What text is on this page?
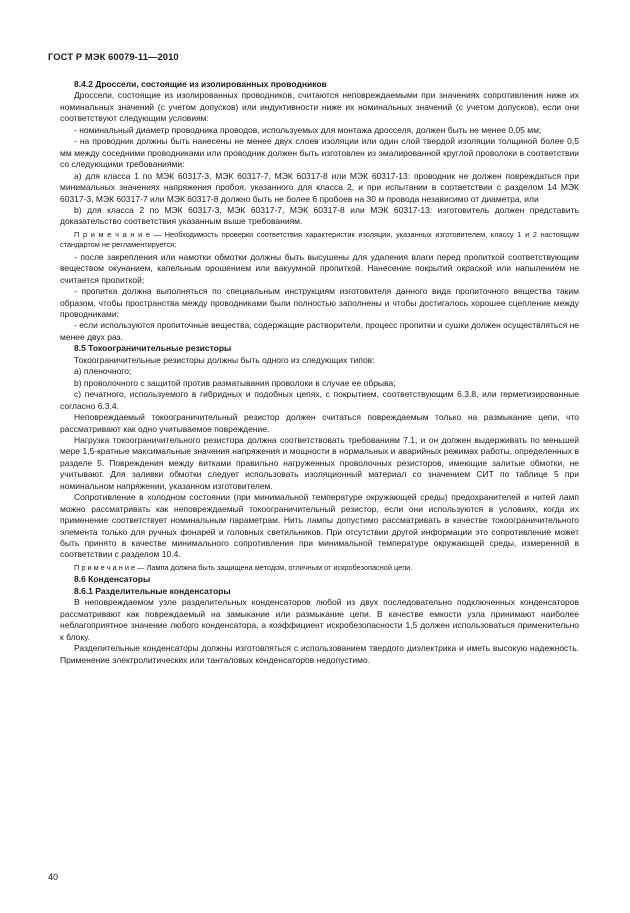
ГОСТ Р МЭК 60079-11—2010

8.4.2 Дроссели, состоящие из изолированных проводников

Дроссели, состоящие из изолированных проводников, считаются неповреждаемыми при значениях сопротивления ниже их номинальных значений (с учетом допусков) или индуктивности ниже их номинальных значений (с учетом допусков), если они соответствуют следующим условиям:

- номинальный диаметр проводника проводов, используемых для монтажа дросселя, должен быть не менее 0,05 мм;

- на проводник должны быть нанесены не менее двух слоев изоляции или один слой твердой изоляции толщиной более 0,5 мм между соседними проводниками или проводник должен быть изготовлен из эмалированной круглой проволоки в соответствии со следующими требованиями:

a) для класса 1 по МЭК 60317-3, МЭК 60317-7, МЭК 60317-8 или МЭК 60317-13: проводник не должен повреждаться при минимальных значениях напряжения пробоя, указанного для класса 2, и при испытании в соответствии с разделом 14 МЭК 60317-3, МЭК 60317-7 или МЭК 60317-8 должно быть не более 6 пробоев на 30 м провода независимо от диаметра, или

b) для класса 2 по МЭК 60317-3, МЭК 60317-7, МЭК 60317-8 или МЭК 60317-13: изготовитель должен представить доказательство соответствия указанным выше требованиям.

П р и м е ч а н и е — Необходимость проверки соответствия характеристик изоляции, указанных изготовителем, классу 1 и 2 настоящим стандартом не регламентируется;

- после закрепления или намотки обмотки должны быть высушены для удаления влаги перед пропиткой соответствующим веществом окунанием, капельным орошением или вакуумной пропиткой. Нанесение покрытий окраской или напылением не считается пропиткой;

- пропитка должна выполняться по специальным инструкциям изготовителя данного вида пропиточного вещества таким образом, чтобы пространства между проводниками были полностью заполнены и чтобы достигалось хорошее сцепление между проводниками;

- если используются пропиточные вещества, содержащие растворители, процесс пропитки и сушки должен осуществляться не менее двух раз.

8.5 Токоограничительные резисторы

Токоограничительные резисторы должны быть одного из следующих типов:

a) пленочного;

b) проволочного с защитой против разматывания проволоки в случае ее обрыва;

c) печатного, используемого в гибридных и подобных цепях, с покрытием, соответствующим 6.3.8, или герметизированные согласно 6.3.4.

Неповреждаемый токоограничительный резистор должен считаться повреждаемым только на размыкание цепи, что рассматривают как одно учитываемое повреждение.

Нагрузка токоограничительного резистора должна соответствовать требованиям 7.1, и он должен выдерживать по меньшей мере 1,5-кратные максимальные значения напряжения и мощности в нормальных и аварийных режимах работы, определенных в разделе 5. Повреждения между витками правильно нагруженных проволочных резисторов, имеющие залитые обмотки, не учитывают. Для заливки обмотки следует использовать изоляционный материал со значением СИТ по таблице 5 при номинальном напряжении, указанном изготовителем.

Сопротивление в холодном состоянии (при минимальной температуре окружающей среды) предохранителей и нитей ламп можно рассматривать как неповреждаемый токоограничительный резистор, если они используются в условиях, когда их применение соответствует номинальным параметрам. Нить лампы допустимо рассматривать в качестве токоограничительного элемента только для ручных фонарей и головных светильников. При отсутствии другой информации это сопротивление может быть принято в качестве минимального сопротивления при минимальной температуре окружающей среды, измеренной в соответствии с разделом 10.4.

П р и м е ч а н и е — Лампа должна быть защищена методом, отличным от искробезопасной цепи.

8.6 Конденсаторы

8.6.1 Разделительные конденсаторы

В неповреждаемом узле разделительных конденсаторов любой из двух последовательно подключенных конденсаторов рассматривают как повреждаемый на замыкание или размыкание цепи. В качестве емкости узла принимают наиболее неблагоприятное значение любого конденсатора, а коэффициент искробезопасности 1,5 должен использоваться применительно к блоку.

Разделительные конденсаторы должны изготовляться с использованием твердого диэлектрика и иметь высокую надежность. Применение электролитических или танталовых конденсаторов недопустимо.

40
